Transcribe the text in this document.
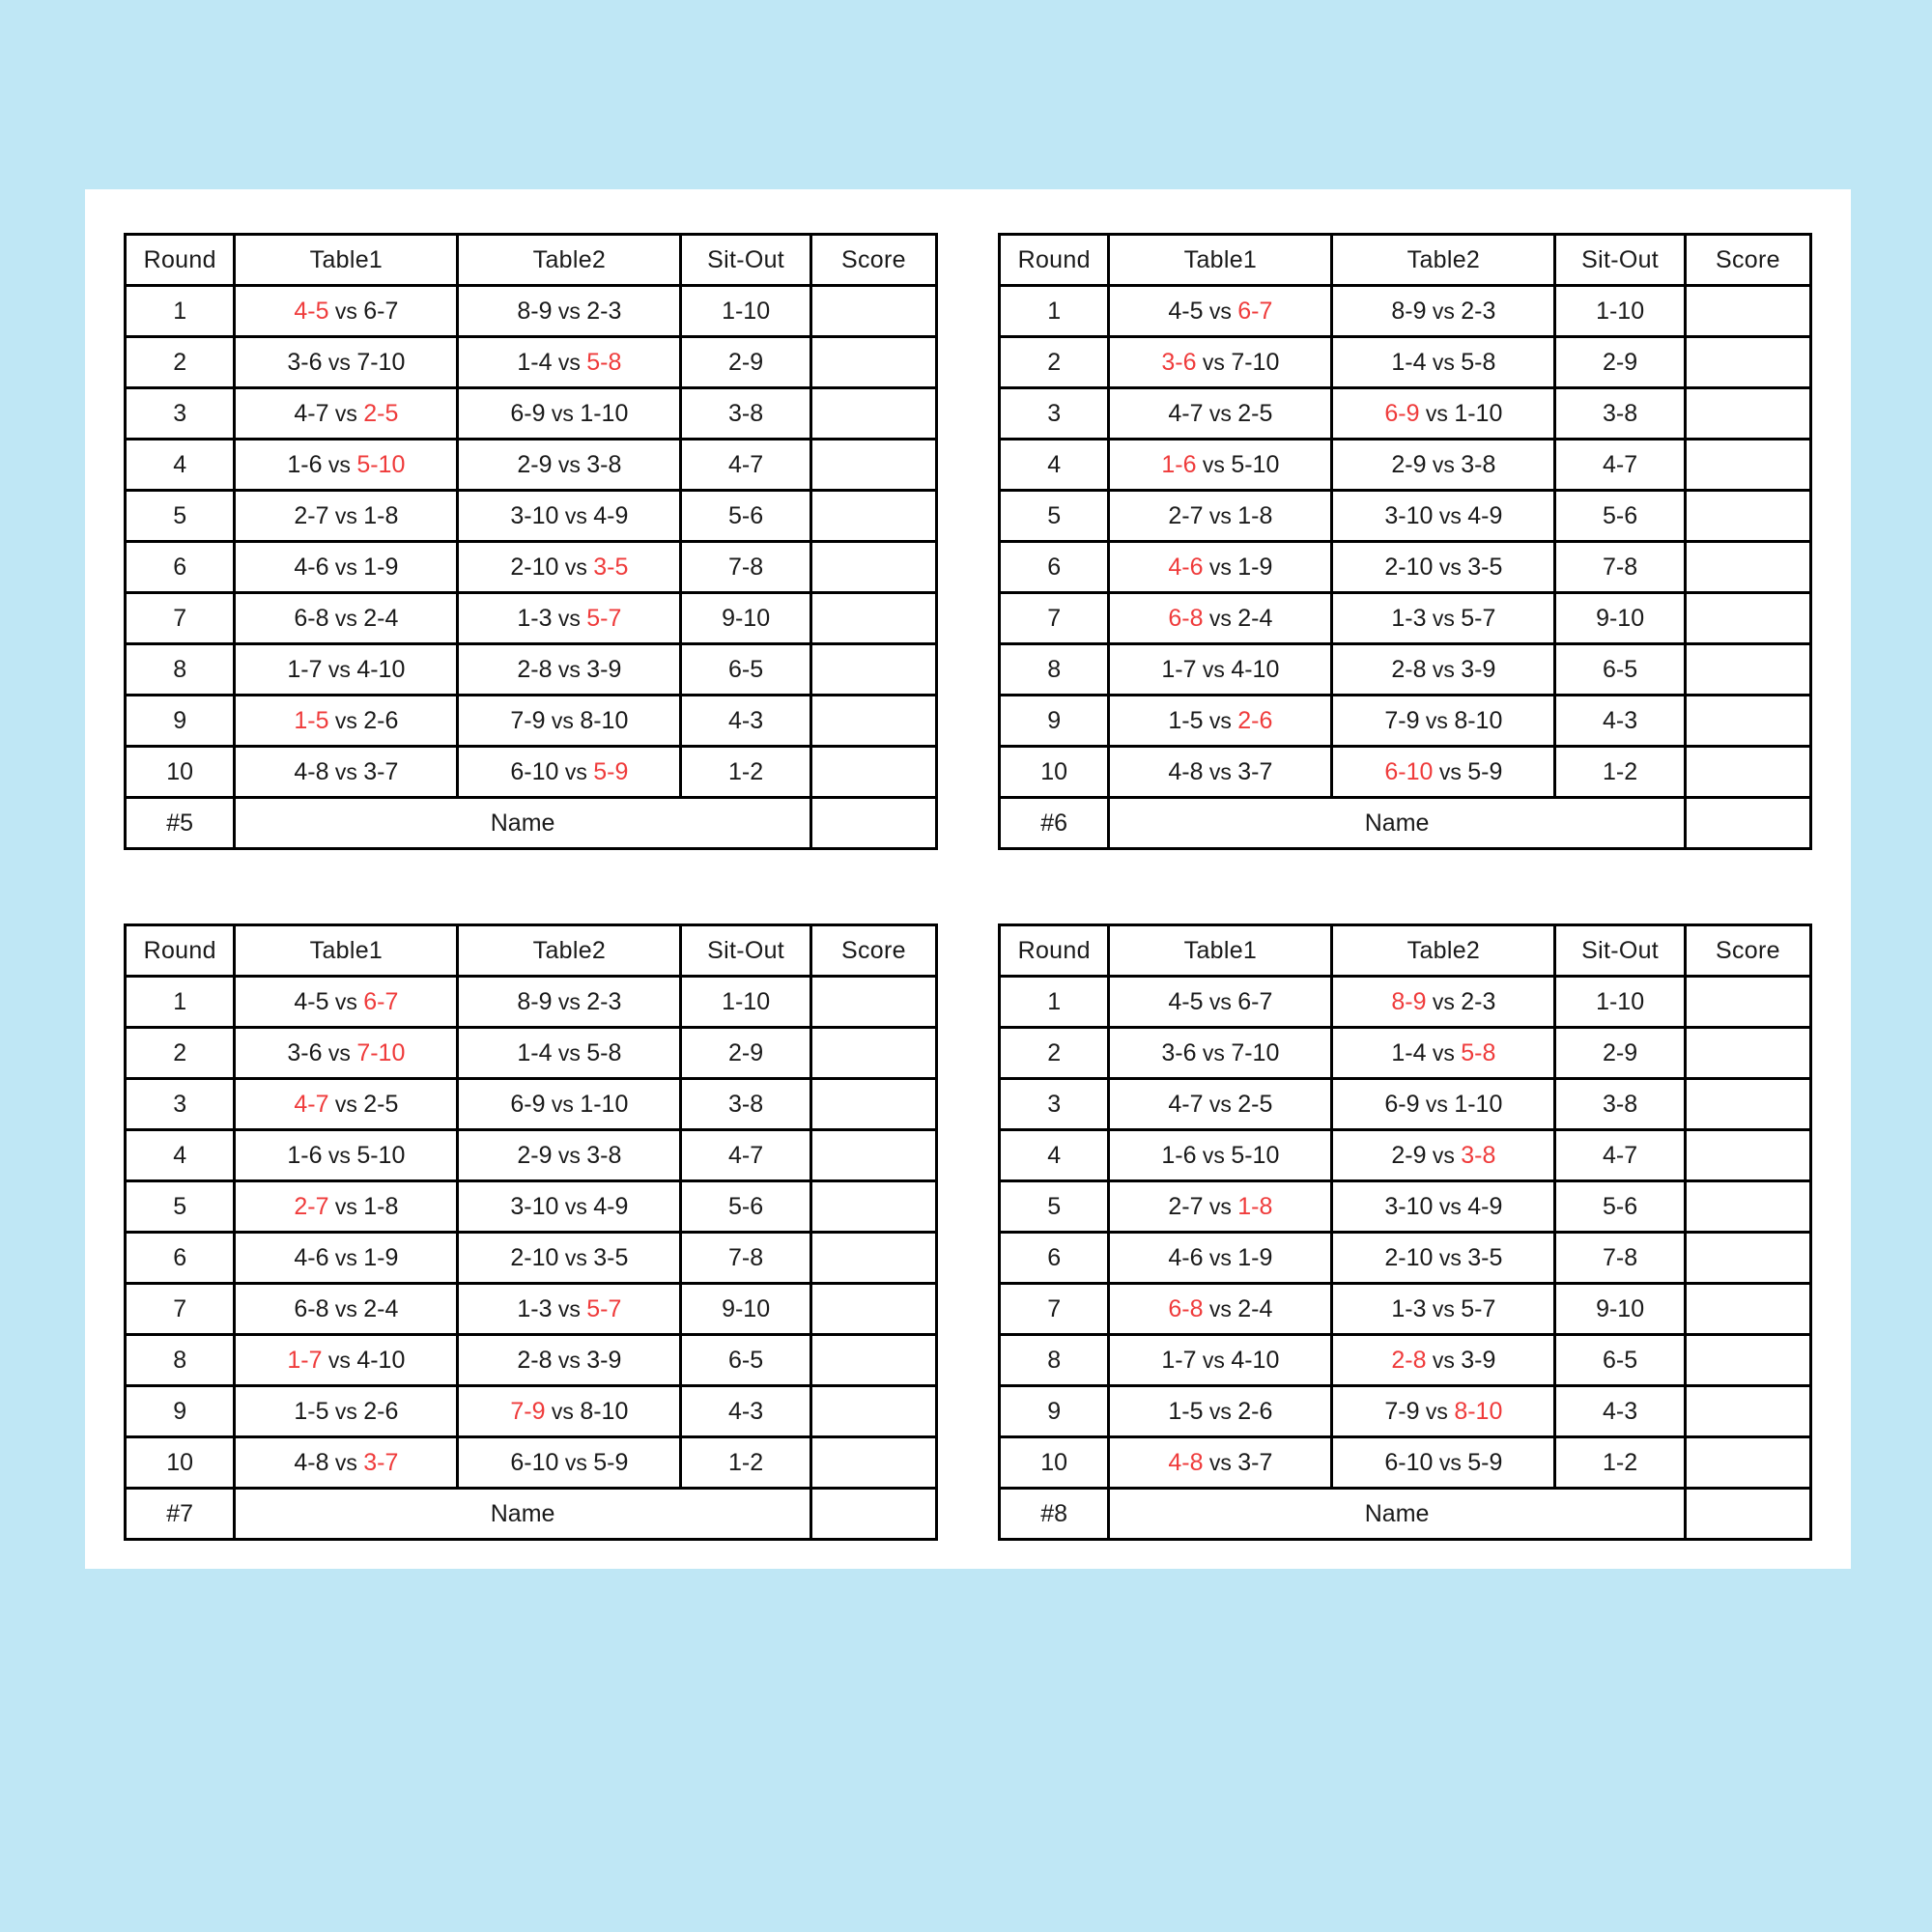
Round	Table1	Table2	Sit-Out	Score
1	4-5 vs 6-7	8-9 vs 2-3	1-10	
2	3-6 vs 7-10	1-4 vs 5-8	2-9	
3	4-7 vs 2-5	6-9 vs 1-10	3-8	
4	1-6 vs 5-10	2-9 vs 3-8	4-7	
5	2-7 vs 1-8	3-10 vs 4-9	5-6	
6	4-6 vs 1-9	2-10 vs 3-5	7-8	
7	6-8 vs 2-4	1-3 vs 5-7	9-10	
8	1-7 vs 4-10	2-8 vs 3-9	6-5	
9	1-5 vs 2-6	7-9 vs 8-10	4-3	
10	4-8 vs 3-7	6-10 vs 5-9	1-2	
#5	Name			
Round	Table1	Table2	Sit-Out	Score
1	4-5 vs 6-7	8-9 vs 2-3	1-10	
2	3-6 vs 7-10	1-4 vs 5-8	2-9	
3	4-7 vs 2-5	6-9 vs 1-10	3-8	
4	1-6 vs 5-10	2-9 vs 3-8	4-7	
5	2-7 vs 1-8	3-10 vs 4-9	5-6	
6	4-6 vs 1-9	2-10 vs 3-5	7-8	
7	6-8 vs 2-4	1-3 vs 5-7	9-10	
8	1-7 vs 4-10	2-8 vs 3-9	6-5	
9	1-5 vs 2-6	7-9 vs 8-10	4-3	
10	4-8 vs 3-7	6-10 vs 5-9	1-2	
#6	Name			
Round	Table1	Table2	Sit-Out	Score
1	4-5 vs 6-7	8-9 vs 2-3	1-10	
2	3-6 vs 7-10	1-4 vs 5-8	2-9	
3	4-7 vs 2-5	6-9 vs 1-10	3-8	
4	1-6 vs 5-10	2-9 vs 3-8	4-7	
5	2-7 vs 1-8	3-10 vs 4-9	5-6	
6	4-6 vs 1-9	2-10 vs 3-5	7-8	
7	6-8 vs 2-4	1-3 vs 5-7	9-10	
8	1-7 vs 4-10	2-8 vs 3-9	6-5	
9	1-5 vs 2-6	7-9 vs 8-10	4-3	
10	4-8 vs 3-7	6-10 vs 5-9	1-2	
#7	Name			
Round	Table1	Table2	Sit-Out	Score
1	4-5 vs 6-7	8-9 vs 2-3	1-10	
2	3-6 vs 7-10	1-4 vs 5-8	2-9	
3	4-7 vs 2-5	6-9 vs 1-10	3-8	
4	1-6 vs 5-10	2-9 vs 3-8	4-7	
5	2-7 vs 1-8	3-10 vs 4-9	5-6	
6	4-6 vs 1-9	2-10 vs 3-5	7-8	
7	6-8 vs 2-4	1-3 vs 5-7	9-10	
8	1-7 vs 4-10	2-8 vs 3-9	6-5	
9	1-5 vs 2-6	7-9 vs 8-10	4-3	
10	4-8 vs 3-7	6-10 vs 5-9	1-2	
#8	Name			
